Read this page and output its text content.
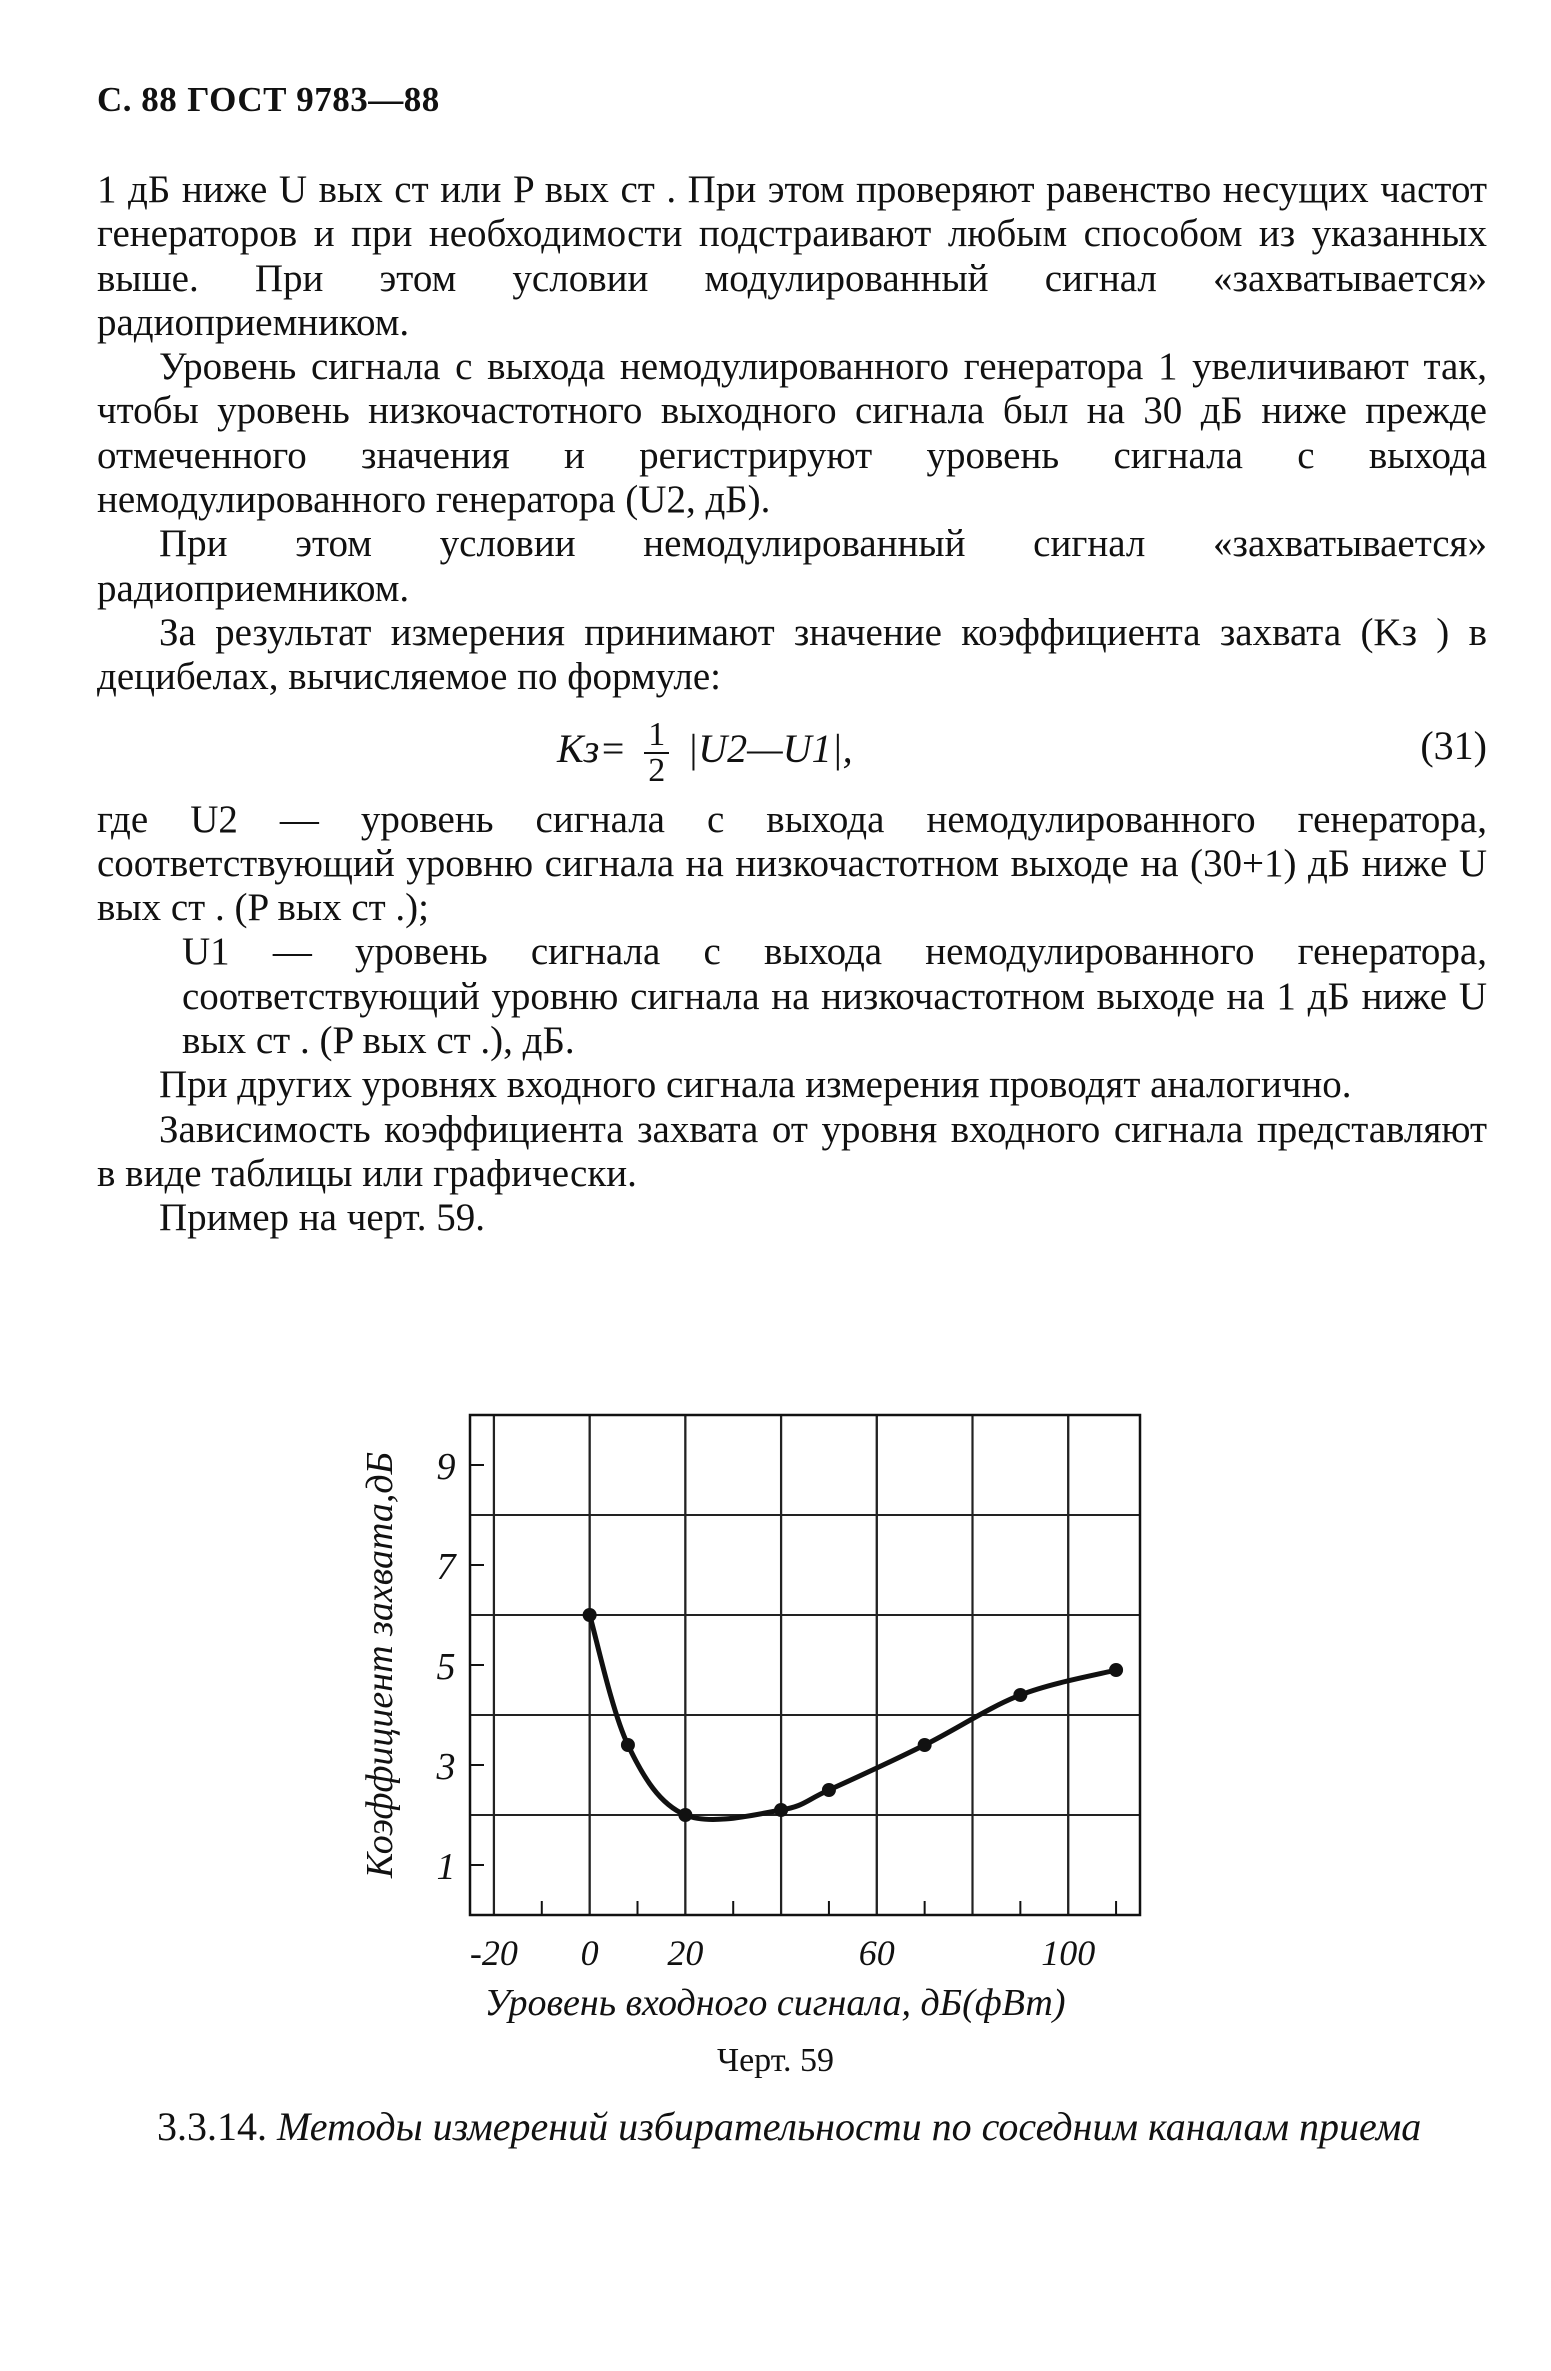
С. 88 ГОСТ 9783—88

1 дБ ниже U вых ст или P вых ст . При этом проверяют равенство несущих частот генераторов и при необходимости подстраивают любым способом из указанных выше. При этом условии модулированный сигнал «захватывается» радиоприемником.

Уровень сигнала с выхода немодулированного генератора 1 увеличивают так, чтобы уровень низкочастотного выходного сигнала был на 30 дБ ниже прежде отмеченного значения и регистрируют уровень сигнала с выхода немодулированного генератора (U2, дБ).

При этом условии немодулированный сигнал «захватывается» радиоприемником.

За результат измерения принимают значение коэффициента захвата (Kз ) в децибелах, вычисляемое по формуле:

$Kз= \frac{1}{2}$ |U2—U1|,	(31)

где U2 — уровень сигнала с выхода немодулированного генератора, соответствующий уровню сигнала на низкочастотном выходе на (30+1) дБ ниже U вых ст . (P вых ст .);

U1 — уровень сигнала с выхода немодулированного генератора, соответствующий уровню сигнала на низкочастотном выходе на 1 дБ ниже U вых ст . (P вых ст .), дБ.

При других уровнях входного сигнала измерения проводят аналогично.

Зависимость коэффициента захвата от уровня входного сигнала представляют в виде таблицы или графически.

Пример на черт. 59.

1
3
5
7
9
-20 0 20	60	100
Уровень входного сигнала, дБ(фВт)
Коэффициент захвата,дБ
Черт. 59
3.3.14. Методы измерений избирательности по соседним каналам приема
